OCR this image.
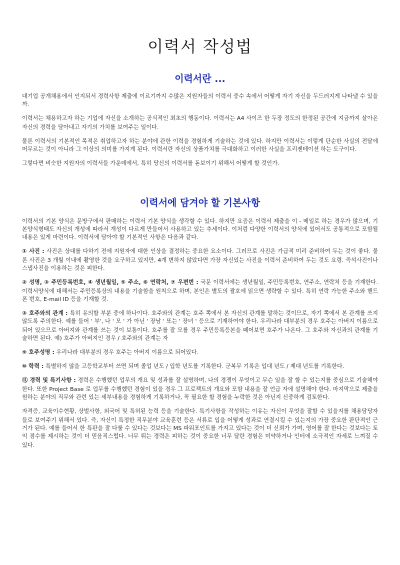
이력서 작성법
이력서란 ...

대기업 공개채용에서 인지되서 경력사항 제출에 이르기까지 수많은 지원자들의 이력서 중수 속에서 어떻게 자기 자신을 두드러지게 나타낼 수 있을까.

이력서는 채용하고자 하는 기업에 자신을 소개하는 공식적인 최초의 행동이다. 이력서는 A4 사이즈 한 두장 정도의 한정된 공간에 지금까지 살아온 자신의 경력을 담아내고 자기의 가치를 보여주는 일이다.

물론 이력서의 기본적인 목적은 취업하고자 하는 분야에 관한 이력을 경험하게 기술하는 것에 있다. 하지만 이력서는 이렇게 단순한 사실의 전달에 머무르는 것이 아니라 그 이상의 의미를 가지게 된다. 이력서란 자신의 상품가치를 극대화하고 이러한 사실을 프리젠테이션 하는 도구이다.

그렇다면 비슷한 지원자의 이력서들 가운데에서, 특히 당신의 이력서를 돋보이기 위해서 어떻게 할 것인가.

이력서에 담겨야 할 기본사항

이력서의 기본 양식은 문방구에서 판매하는 이력서 기본 양식을 생각할 수 있다. 하지만 요즘은 이력서 제출을 이 - 메일로 하는 경우가 많으며, 기본양식형태도 자신의 개성에 따라서 개성이 다르게 만들어서 사용하고 있는 추세이다. 이처럼 다양한 이력서의 양식에 있어서도 공통적으로 포함될 내용은 있게 마련이다. 이력서에 담아야 할 기본적인 사항은 다음과 같다.

① 사진 : 사진은 상대를 다하기 전에 지원자에 대한 인상을 결정하는 중요한 요소이다. 그러므로 사진은 가급적 미리 준비하여 두는 것이 좋다. 물론 사진은 3 개월 이내에 촬영한 것을 요구하고 있지만, 4개 변하지 않았다면 가장 자신있는 사진을 이력서 준비하여 두는 것도 요령. 즉석사진이나 스냅사진을 이용하는 것은 피한다.

② 성명, ③ 주민등록번호, ④ 생년월일, ⑤ 주소, ⑥ 연락처, ⑦ 우편번 : 국문 이력서에는 생년월일, 주민등록번호, 연주소, 연락처 등을 기재한다. 이력서양식에 대해서는 주민등록상의 내용을 기술함을 원칙으로 하며, 본인은 별도의 괄호에 읽으면 생략할 수 있다. 특히 연락 가능한 주소와 핸드폰 번호, E-mail ID 등을 기재할 것.

③ 호주와의 관계 : 특히 유의할 부분 중에 하나이다. 호주와의 관계는 호주 쪽에서 본 자신의 관계를 말하는 것이므로, 자기 쪽에서 본 관계를 쓰지 않도록 주의한다. 예를 들어 ' 부', 나 ' 모 ' 가 아닌 ' 장남 ' 또는 ' 장녀 ' 등으로 기재하여야 한다. 우리나라 대부분의 경우 호주는 아버지 이름으로 되어 있으므로 아버지와 관계를 쓰는 것이 보통이다. 호주를 잘 모를 경우 주민등록등본을 떼어보면 호주가 나온다. 그 호주와 자신과의 관계를 기술하면 된다. 예) 호주가 아버지인 경우 / 호주와의 관계는 자

⑨ 호주성명 : 우리나라 대부분의 경우 호주는 아버지 이름으로 되어있다.

⑩ 학력 : 특별하지 않을 고등학교부터 쓰면 되며 졸업 년도 / 입학 년도를 기록한다. 군복무 기록은 입대 년도 / 제대 년도를 기록한다.

⑪ 경력 및 특기사항 : 경력은 수행했던 업무의 개요 및 성과를 잘 설명하며, 나의 경쟁이 무엇이고 무슨 일을 잘 할 수 있는지를 중심으로 기술해야 한다. 또한 Project Base 로 업무를 수행했던 경험이 있을 경우 그 프로젝트의 개요와 포함 내용을 잘 언급 자에 설명해야 한다. 마지막으로 제출을 원하는 분야의 직무와 관련 있는 세부내용을 경험하게 기록하거나, 꼭 필요한 할 경험을 누락한 것은 아닌지 신중하게 검토한다.

자격증, 교육이수현황, 상벌사항, 외국어 및 특허된 능력 등을 기술한다. 특기사항을 작성하는 이유는 자신이 무엇을 잘할 수 있을지를 채용담당자들로 보여주기 위해서 있다. 즉, 자신이 특정한 직무분야 교육훈련 등은 서류로 입을 어떻게 성과로 연결시킬 수 있는지의 가장 중요한 판단적인 근거가 된다. 예를 들어서 한 특판을 잘 다룰 수 있다는 것보다는 MS 파워포인트를 가지고 있다는 것이 더 신뢰가 가며, 영어를 잘 한다는 것보다는 토익 점수를 제시하는 것이 더 믿음직스럽다. 너무 튀는 경력은 피하는 것이 중요한 너무 달란 경험은 미약하거나 인터에 소극적인 자세로 느껴질 수 있다.
